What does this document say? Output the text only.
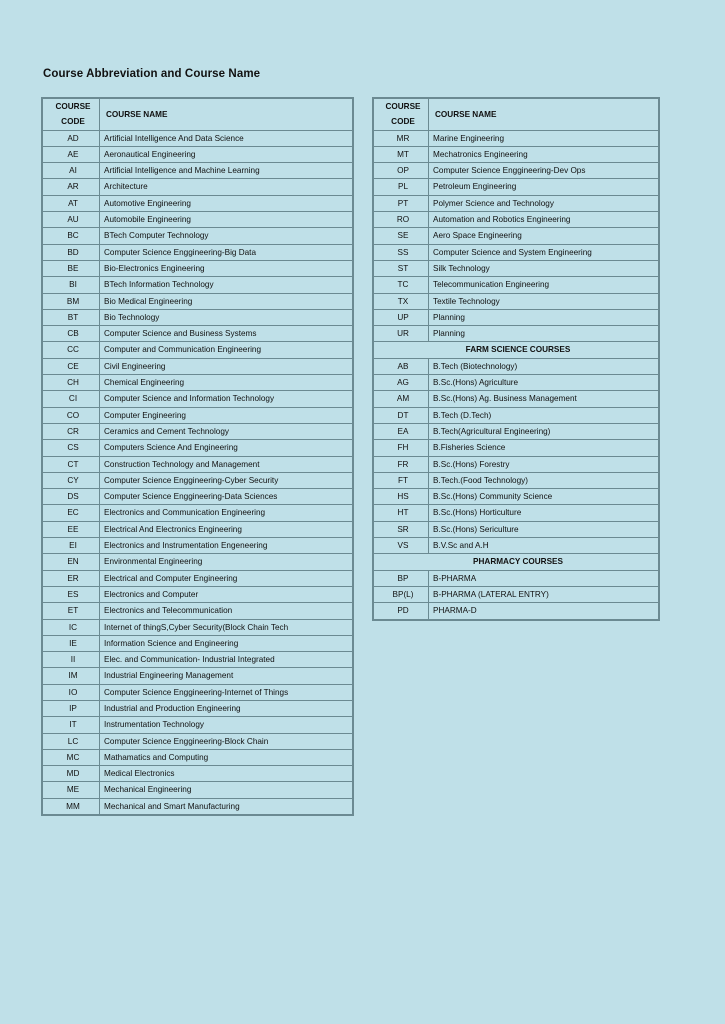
Course Abbreviation and Course Name
COURSE
CODE	COURSE NAME
AD	Artificial Intelligence And Data Science
AE	Aeronautical Engineering
AI	Artificial Intelligence and Machine Learning
AR	Architecture
AT	Automotive Engineering
AU	Automobile Engineering
BC	BTech Computer Technology
BD	Computer Science Enggineering-Big Data
BE	Bio-Electronics Engineering
BI	BTech Information Technology
BM	Bio Medical Engineering
BT	Bio Technology
CB	Computer Science and Business Systems
CC	Computer and Communication Engineering
CE	Civil Engineering
CH	Chemical Engineering
CI	Computer Science and Information Technology
CO	Computer Engineering
CR	Ceramics and Cement Technology
CS	Computers Science And Engineering
CT	Construction Technology and Management
CY	Computer Science Enggineering-Cyber Security
DS	Computer Science Enggineering-Data Sciences
EC	Electronics and Communication Engineering
EE	Electrical And Electronics Engineering
EI	Electronics and Instrumentation Engeneering
EN	Environmental Engineering
ER	Electrical and Computer Engineering
ES	Electronics and Computer
ET	Electronics and Telecommunication
IC	Internet of thingS,Cyber Security(Block Chain Tech
IE	Information Science and Engineering
II	Elec. and Communication- Industrial Integrated
IM	Industrial Engineering Management
IO	Computer Science Enggineering-Internet of Things
IP	Industrial and Production Engineering
IT	Instrumentation Technology
LC	Computer Science Enggineering-Block Chain
MC	Mathamatics and Computing
MD	Medical Electronics
ME	Mechanical Engineering
MM	Mechanical and Smart Manufacturing
COURSE
CODE	COURSE NAME
MR	Marine Engineering
MT	Mechatronics Engineering
OP	Computer Science Enggineering-Dev Ops
PL	Petroleum Engineering
PT	Polymer Science and Technology
RO	Automation and Robotics Engineering
SE	Aero Space Engineering
SS	Computer Science and System Engineering
ST	Silk Technology
TC	Telecommunication Engineering
TX	Textile Technology
UP	Planning
UR	Planning
FARM SCIENCE COURSES	
AB	B.Tech (Biotechnology)
AG	B.Sc.(Hons) Agriculture
AM	B.Sc.(Hons) Ag. Business Management
DT	B.Tech (D.Tech)
EA	B.Tech(Agricultural Engineering)
FH	B.Fisheries Science
FR	B.Sc.(Hons) Forestry
FT	B.Tech.(Food Technology)
HS	B.Sc.(Hons) Community Science
HT	B.Sc.(Hons) Horticulture
SR	B.Sc.(Hons) Sericulture
VS	B.V.Sc and A.H
PHARMACY COURSES	
BP	B-PHARMA
BP(L)	B-PHARMA (LATERAL ENTRY)
PD	PHARMA-D
